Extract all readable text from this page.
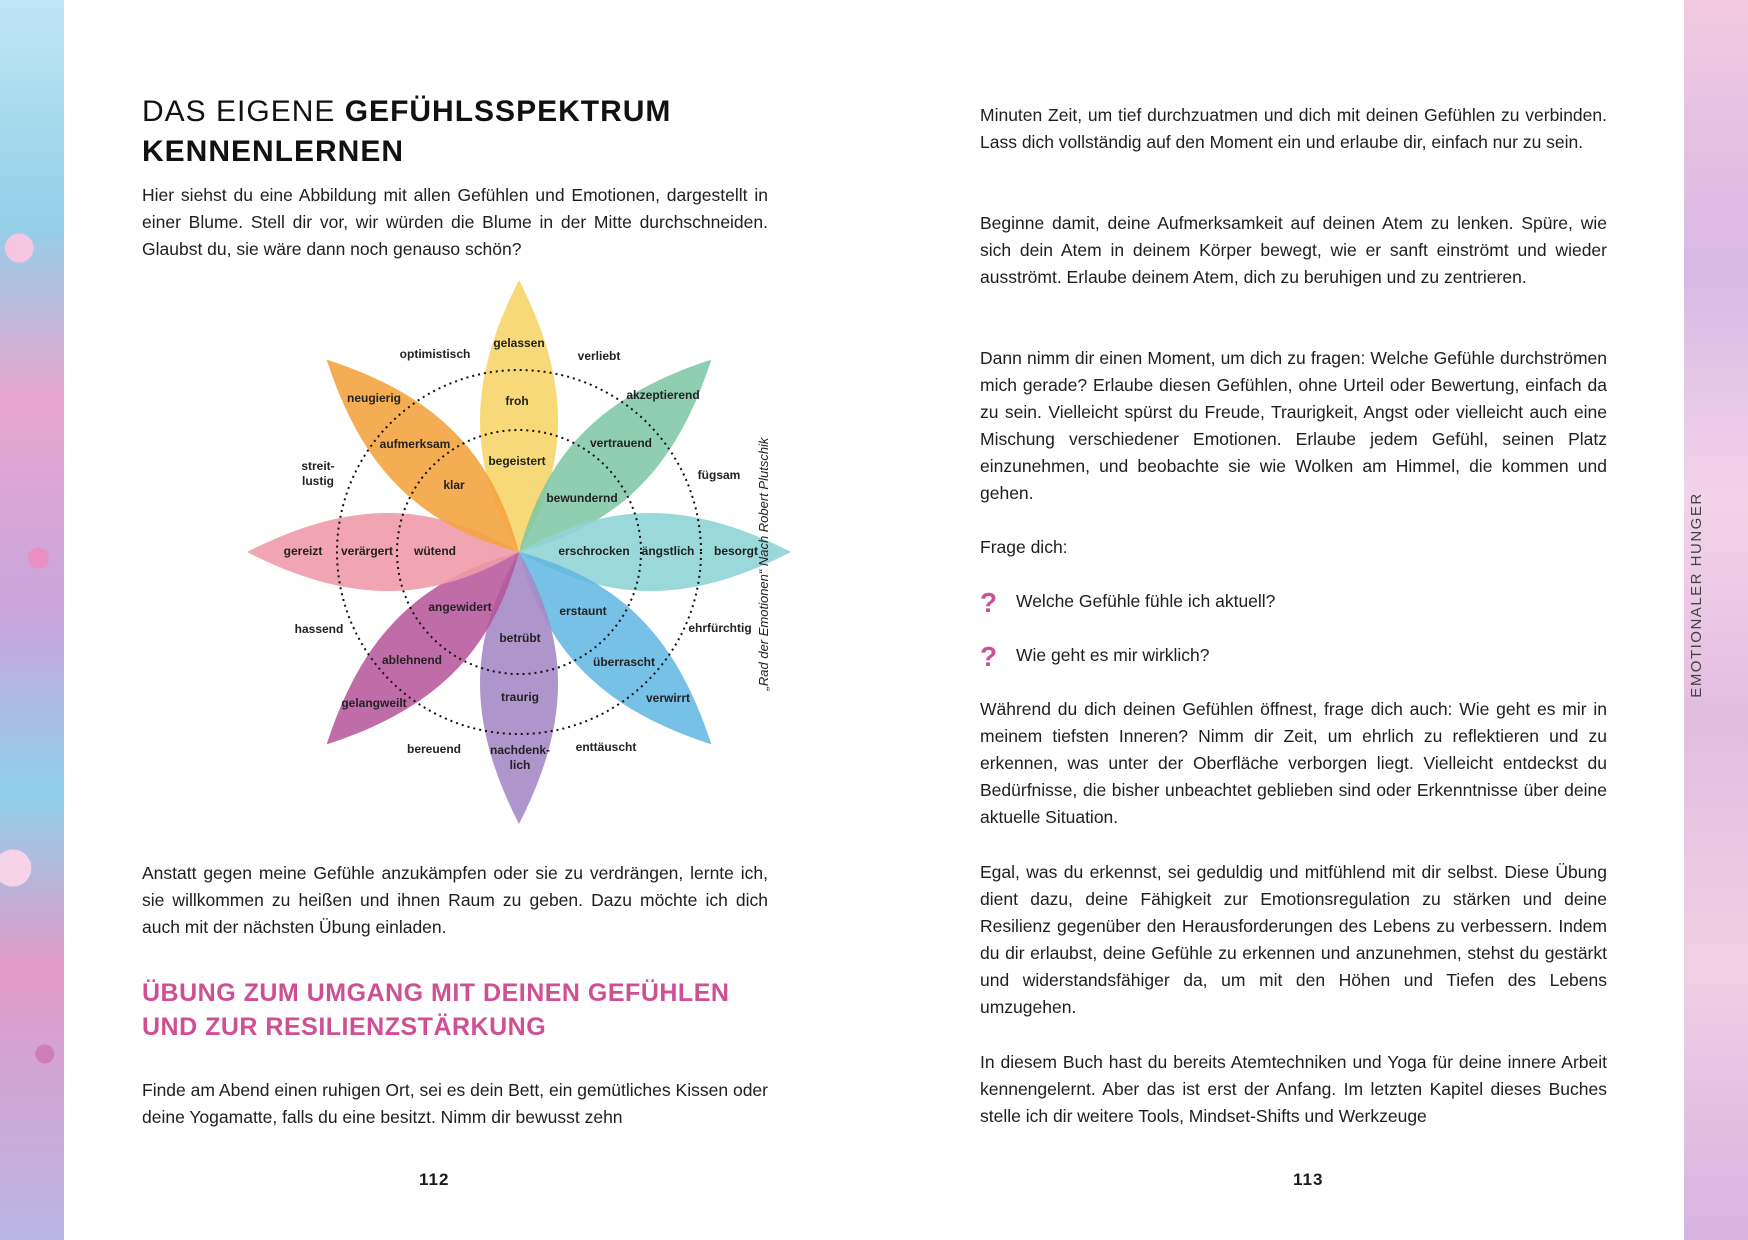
DAS EIGENE GEFÜHLSSPEKTRUM
KENNENLERNEN

Hier siehst du eine Abbildung mit allen Gefühlen und Emotionen, dargestellt in einer Blume. Stell dir vor, wir würden die Blume in der Mitte durchschneiden. Glaubst du, sie wäre dann noch genauso schön?

gelassen
froh
begeistert
optimistisch	verliebt
neugierig
aufmerksam
klar
akzeptierend
vertrauend
bewundernd
streit-
lustig	fügsam
gereizt verärgert wütend	erschrocken ängstlich besorgt
hassend	ehrfürchtig
angewidert
ablehnend
gelangweilt
erstaunt
überrascht
verwirrt
betrübt
traurig
nachdenk-
lich
bereuend	enttäuscht
„Rad der Emotionen“ Nach Robert Plutschik

Anstatt gegen meine Gefühle anzukämpfen oder sie zu verdrängen, lernte ich, sie willkommen zu heißen und ihnen Raum zu geben. Dazu möchte ich dich auch mit der nächsten Übung einladen.

ÜBUNG ZUM UMGANG MIT DEINEN GEFÜHLEN
UND ZUR RESILIENZSTÄRKUNG

Finde am Abend einen ruhigen Ort, sei es dein Bett, ein gemütliches Kissen oder deine Yogamatte, falls du eine besitzt. Nimm dir bewusst zehn

112

Minuten Zeit, um tief durchzuatmen und dich mit deinen Gefühlen zu verbinden. Lass dich vollständig auf den Moment ein und erlaube dir, einfach nur zu sein.

Beginne damit, deine Aufmerksamkeit auf deinen Atem zu lenken. Spüre, wie sich dein Atem in deinem Körper bewegt, wie er sanft einströmt und wieder ausströmt. Erlaube deinem Atem, dich zu beruhigen und zu zentrieren.

Dann nimm dir einen Moment, um dich zu fragen: Welche Gefühle durchströmen mich gerade? Erlaube diesen Gefühlen, ohne Urteil oder Bewertung, einfach da zu sein. Vielleicht spürst du Freude, Traurigkeit, Angst oder vielleicht auch eine Mischung verschiedener Emotionen. Erlaube jedem Gefühl, seinen Platz einzunehmen, und beobachte sie wie Wolken am Himmel, die kommen und gehen.

Frage dich:

113
? Welche Gefühle fühle ich aktuell?
? Wie geht es mir wirklich?

Während du dich deinen Gefühlen öffnest, frage dich auch: Wie geht es mir in meinem tiefsten Inneren? Nimm dir Zeit, um ehrlich zu reflektieren und zu erkennen, was unter der Oberfläche verborgen liegt. Vielleicht entdeckst du Bedürfnisse, die bisher unbeachtet geblieben sind oder Erkenntnisse über deine aktuelle Situation.

Egal, was du erkennst, sei geduldig und mitfühlend mit dir selbst. Diese Übung dient dazu, deine Fähigkeit zur Emotionsregulation zu stärken und deine Resilienz gegenüber den Herausforderungen des Lebens zu verbessern. Indem du dir erlaubst, deine Gefühle zu erkennen und anzunehmen, stehst du gestärkt und widerstandsfähiger da, um mit den Höhen und Tiefen des Lebens umzugehen.

In diesem Buch hast du bereits Atemtechniken und Yoga für deine innere Arbeit kennengelernt. Aber das ist erst der Anfang. Im letzten Kapitel dieses Buches stelle ich dir weitere Tools, Mindset-Shifts und Werkzeuge

EMOTIONALER HUNGER
